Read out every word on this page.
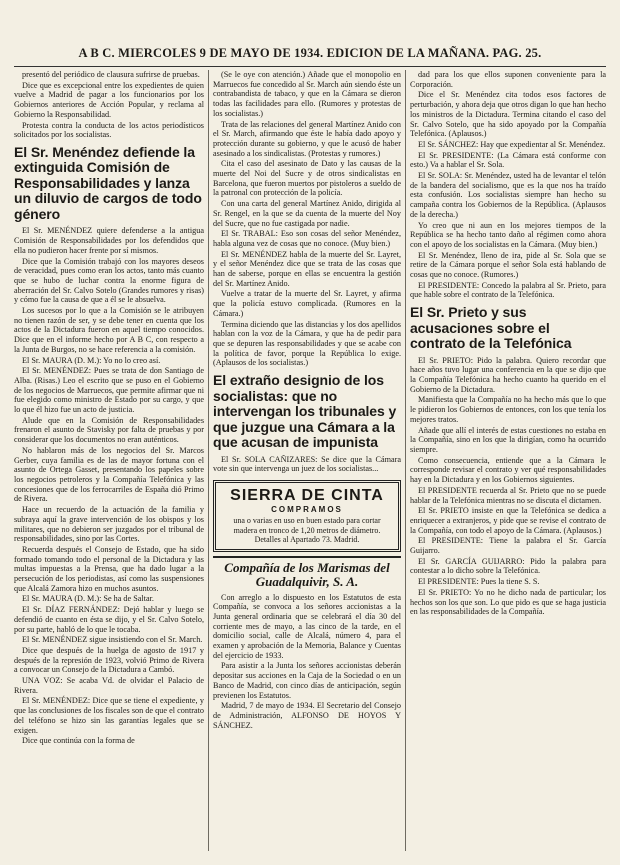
A B C. MIERCOLES 9 DE MAYO DE 1934. EDICION DE LA MAÑANA. PAG. 25.

presentó del periódico de clausura sufrirse de pruebas.

Dice que es excepcional entre los expedientes de quien vuelve a Madrid de pagar a los funcionarios por los Gobiernos anteriores de Acción Popular, y reclama al Gobierno la Responsabilidad.

Protesta contra la conducta de los actos periodísticos solicitados por los socialistas.

El Sr. Menéndez defiende la extinguida Comisión de Responsabilidades y lanza un diluvio de cargos de todo género

El Sr. MENÉNDEZ quiere defenderse a la antigua Comisión de Responsabilidades por los defendidos que ella no pudieron hacer frente por sí mismos.

Dice que la Comisión trabajó con los mayores deseos de veracidad, pues como eran los actos, tanto más cuanto que se hubo de luchar contra la enorme figura de aberración del Sr. Calvo Sotelo (Grandes rumores y risas) y cómo fue la causa de que a él se le absuelva.

Los sucesos por lo que a la Comisión se le atribuyen no tienen razón de ser, y se debe tener en cuenta que los actos de la Dictadura fueron en aquel tiempo conocidos. Dice que en el informe hecho por A B C, con respecto a la Junta de Burgos, no se hace referencia a la comisión.

El Sr. MAURA (D. M.): Yo no lo creo así.

El Sr. MENÉNDEZ: Pues se trata de don Santiago de Alba. (Risas.) Leo el escrito que se puso en el Gobierno de los negocios de Marruecos, que permite afirmar que ni fue elegido como ministro de Estado por su cargo, y que lo que él hizo fue un acto de justicia.

Alude que en la Comisión de Responsabilidades frenaron el asunto de Stavisky por falta de pruebas y por considerar que los documentos no eran auténticos.

No hablaron más de los negocios del Sr. Marcos Gerber, cuya familia es de las de mayor fortuna con el asunto de Ortega Gasset, presentando los papeles sobre los negocios petroleros y la Compañía Telefónica y las concesiones que de los ferrocarriles de España dió Primo de Rivera.

Hace un recuerdo de la actuación de la familia y subraya aquí la grave intervención de los obispos y los militares, que no debieron ser juzgados por el tribunal de responsabilidades, sino por las Cortes.

Recuerda después el Consejo de Estado, que ha sido formado tomando todo el personal de la Dictadura y las multas impuestas a la Prensa, que ha dado lugar a la persecución de los periodistas, así como las suspensiones que Alcalá Zamora hizo en muchos asuntos.

El Sr. MAURA (D. M.): Se ha de Saltar.

El Sr. DÍAZ FERNÁNDEZ: Dejó hablar y luego se defendió de cuanto en ésta se dijo, y el Sr. Calvo Sotelo, por su parte, habló de lo que le tocaba.

El Sr. MENÉNDEZ sigue insistiendo con el Sr. March.

Dice que después de la huelga de agosto de 1917 y después de la represión de 1923, volvió Primo de Rivera a convocar un Consejo de la Dictadura a Cambó.

UNA VOZ: Se acaba Vd. de olvidar el Palacio de Rivera.

El Sr. MENÉNDEZ: Dice que se tiene el expediente, y que las conclusiones de los fiscales son de que el contrato del teléfono se hizo sin las garantías legales que se exigen.

Dice que continúa con la forma de

(Se le oye con atención.) Añade que el monopolio en Marruecos fue concedido al Sr. March aún siendo éste un contrabandista de tabaco, y que en la Cámara se dieron todas las facilidades para ello. (Rumores y protestas de los socialistas.)

Trata de las relaciones del general Martínez Anido con el Sr. March, afirmando que éste le había dado apoyo y protección durante su gobierno, y que le acusó de haber asesinado a los sindicalistas. (Protestas y rumores.)

Cita el caso del asesinato de Dato y las causas de la muerte del Noi del Sucre y de otros sindicalistas en Barcelona, que fueron muertos por pistoleros a sueldo de la patronal con protección de la policía.

Con una carta del general Martínez Anido, dirigida al Sr. Rengel, en la que se da cuenta de la muerte del Noy del Sucre, que no fue castigada por nadie.

El Sr. TRABAL: Eso son cosas del señor Menéndez, habla alguna vez de cosas que no conoce. (Muy bien.)

El Sr. MENÉNDEZ habla de la muerte del Sr. Layret, y el señor Menéndez dice que se trata de las cosas que han de saberse, porque en ellas se encuentra la gestión del Sr. Martínez Anido.

Vuelve a tratar de la muerte del Sr. Layret, y afirma que la policía estuvo complicada. (Rumores en la Cámara.)

Termina diciendo que las distancias y los dos apellidos hablan con la voz de la Cámara, y que ha de pedir para que se depuren las responsabilidades y que se acabe con la política de favor, porque la República lo exige. (Aplausos de los socialistas.)

El extraño designio de los socialistas: que no intervengan los tribunales y que juzgue una Cámara a la que acusan de impunista

El Sr. SOLA CAÑIZARES: Se dice que la Cámara vote sin que intervenga un juez de los socialistas...

SIERRA DE CINTA
COMPRAMOS

una o varias en uso en buen estado para cortar madera en tronco de 1,20 metros de diámetro. Detalles al Apartado 73. Madrid.

Compañía de los Marismas del Guadalquivir, S. A.

Con arreglo a lo dispuesto en los Estatutos de esta Compañía, se convoca a los señores accionistas a la Junta general ordinaria que se celebrará el día 30 del corriente mes de mayo, a las cinco de la tarde, en el domicilio social, calle de Alcalá, número 4, para el examen y aprobación de la Memoria, Balance y Cuentas del ejercicio de 1933.

Para asistir a la Junta los señores accionistas deberán depositar sus acciones en la Caja de la Sociedad o en un Banco de Madrid, con cinco días de anticipación, según previenen los Estatutos.

Madrid, 7 de mayo de 1934. El Secretario del Consejo de Administración, ALFONSO DE HOYOS Y SÁNCHEZ.

dad para los que ellos suponen conveniente para la Corporación.

Dice el Sr. Menéndez cita todos esos factores de perturbación, y ahora deja que otros digan lo que han hecho los ministros de la Dictadura. Termina citando el caso del Sr. Calvo Sotelo, que ha sido apoyado por la Compañía Telefónica. (Aplausos.)

El Sr. SÁNCHEZ: Hay que expedientar al Sr. Menéndez.

El Sr. PRESIDENTE: (La Cámara está conforme con esto.) Va a hablar el Sr. Sola.

El Sr. SOLA: Sr. Menéndez, usted ha de levantar el telón de la bandera del socialismo, que es la que nos ha traído esta confusión. Los socialistas siempre han hecho su campaña contra los Gobiernos de la República. (Aplausos de la derecha.)

Yo creo que ni aun en los mejores tiempos de la República se ha hecho tanto daño al régimen como ahora con el apoyo de los socialistas en la Cámara. (Muy bien.)

El Sr. Menéndez, lleno de ira, pide al Sr. Sola que se retire de la Cámara porque el señor Sola está hablando de cosas que no conoce. (Rumores.)

El PRESIDENTE: Concedo la palabra al Sr. Prieto, para que hable sobre el contrato de la Telefónica.

El Sr. Prieto y sus acusaciones sobre el contrato de la Telefónica

El Sr. PRIETO: Pido la palabra. Quiero recordar que hace años tuvo lugar una conferencia en la que se dijo que la Compañía Telefónica ha hecho cuanto ha querido en el Gobierno de la Dictadura.

Manifiesta que la Compañía no ha hecho más que lo que le pidieron los Gobiernos de entonces, con los que tenía los mejores tratos.

Añade que allí el interés de estas cuestiones no estaba en la Compañía, sino en los que la dirigían, como ha ocurrido siempre.

Como consecuencia, entiende que a la Cámara le corresponde revisar el contrato y ver qué responsabilidades hay en la Dictadura y en los Gobiernos siguientes.

El PRESIDENTE recuerda al Sr. Prieto que no se puede hablar de la Telefónica mientras no se discuta el dictamen.

El Sr. PRIETO insiste en que la Telefónica se dedica a enriquecer a extranjeros, y pide que se revise el contrato de la Compañía, con todo el apoyo de la Cámara. (Aplausos.)

El PRESIDENTE: Tiene la palabra el Sr. García Guijarro.

El Sr. GARCÍA GUIJARRO: Pido la palabra para contestar a lo dicho sobre la Telefónica.

El PRESIDENTE: Pues la tiene S. S.

El Sr. PRIETO: Yo no he dicho nada de particular; los hechos son los que son. Lo que pido es que se haga justicia en las responsabilidades de la Compañía.
